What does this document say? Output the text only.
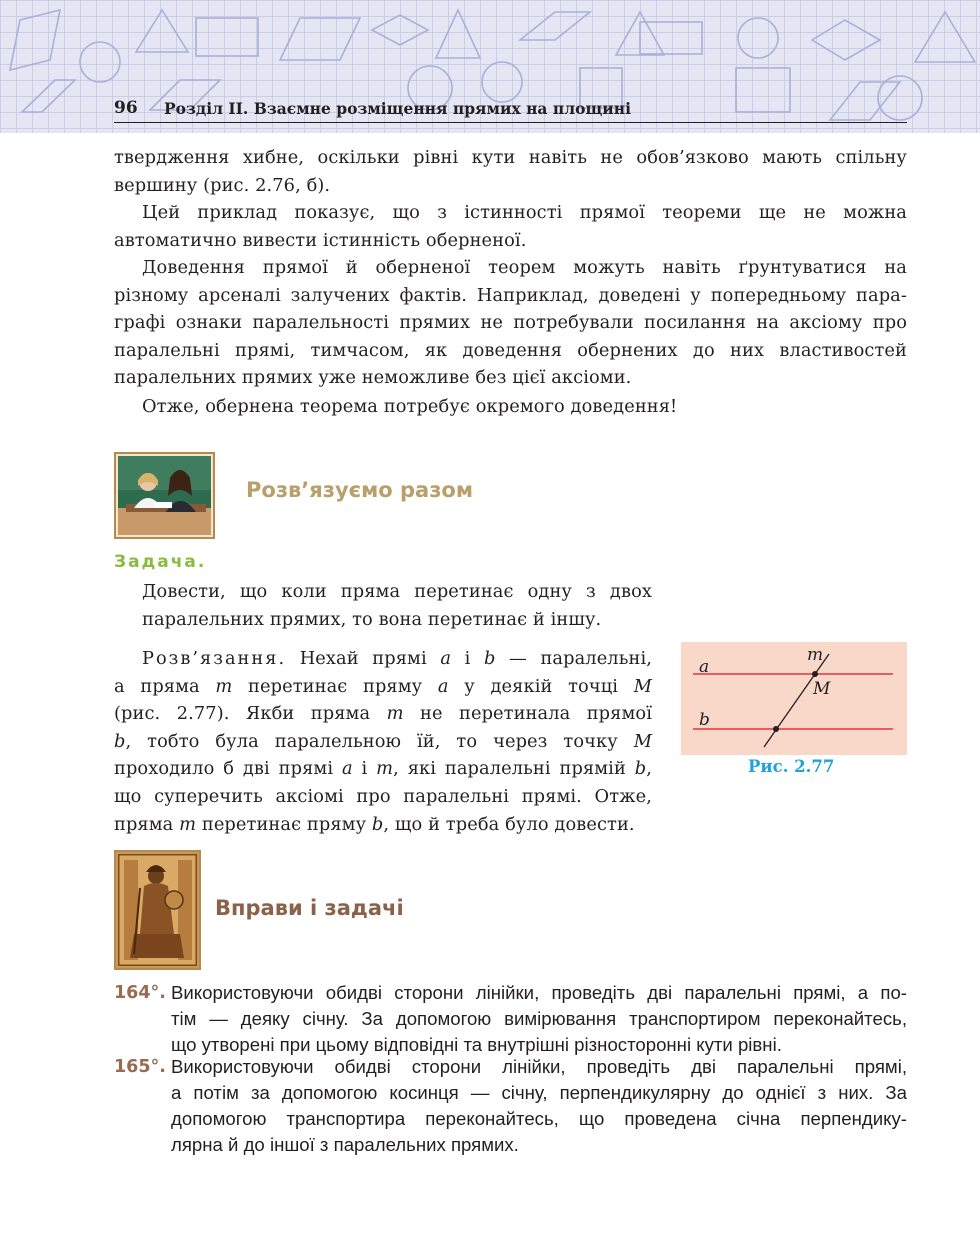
96 Розділ II. Взаємне розміщення прямих на площині
твердження хибне, оскільки рівні кути навіть не обов’язково мають спільну
вершину (рис. 2.76, б).
Цей приклад показує, що з істинності прямої теореми ще не можна
автоматично вивести істинність оберненої.
Доведення прямої й оберненої теорем можуть навіть ґрунтуватися на
різному арсеналі залучених фактів. Наприклад, доведені у попередньому пара-
графі ознаки паралельності прямих не потребували посилання на аксіому про
паралельні прямі, тимчасом, як доведення обернених до них властивостей
паралельних прямих уже неможливе без цієї аксіоми.
Отже, обернена теорема потребує окремого доведення!
Розв’язуємо разом
Задача.
Довести, що коли пряма перетинає одну з двох
паралельних прямих, то вона перетинає й іншу.
Розв’язання. Нехай прямі a і b — паралельні,
а пряма m перетинає пряму a у деякій точці M
(рис. 2.77). Якби пряма m не перетинала прямої
b, тобто була паралельною їй, то через точку M
проходило б дві прямі a і m, які паралельні прямій b,
що суперечить аксіомі про паралельні прямі. Отже,
пряма m перетинає пряму b, що й треба було довести.
a
b
m
M
Рис. 2.77
Вправи і задачі
164°. Використовуючи обидві сторони лінійки, проведіть дві паралельні прямі, а по-
тім — деяку січну. За допомогою вимірювання транспортиром переконайтесь,
що утворені при цьому відповідні та внутрішні різносторонні кути рівні.
165°. Використовуючи обидві сторони лінійки, проведіть дві паралельні прямі,
а потім за допомогою косинця — січну, перпендикулярну до однієї з них. За
допомогою транспортира переконайтесь, що проведена січна перпендику-
лярна й до іншої з паралельних прямих.
